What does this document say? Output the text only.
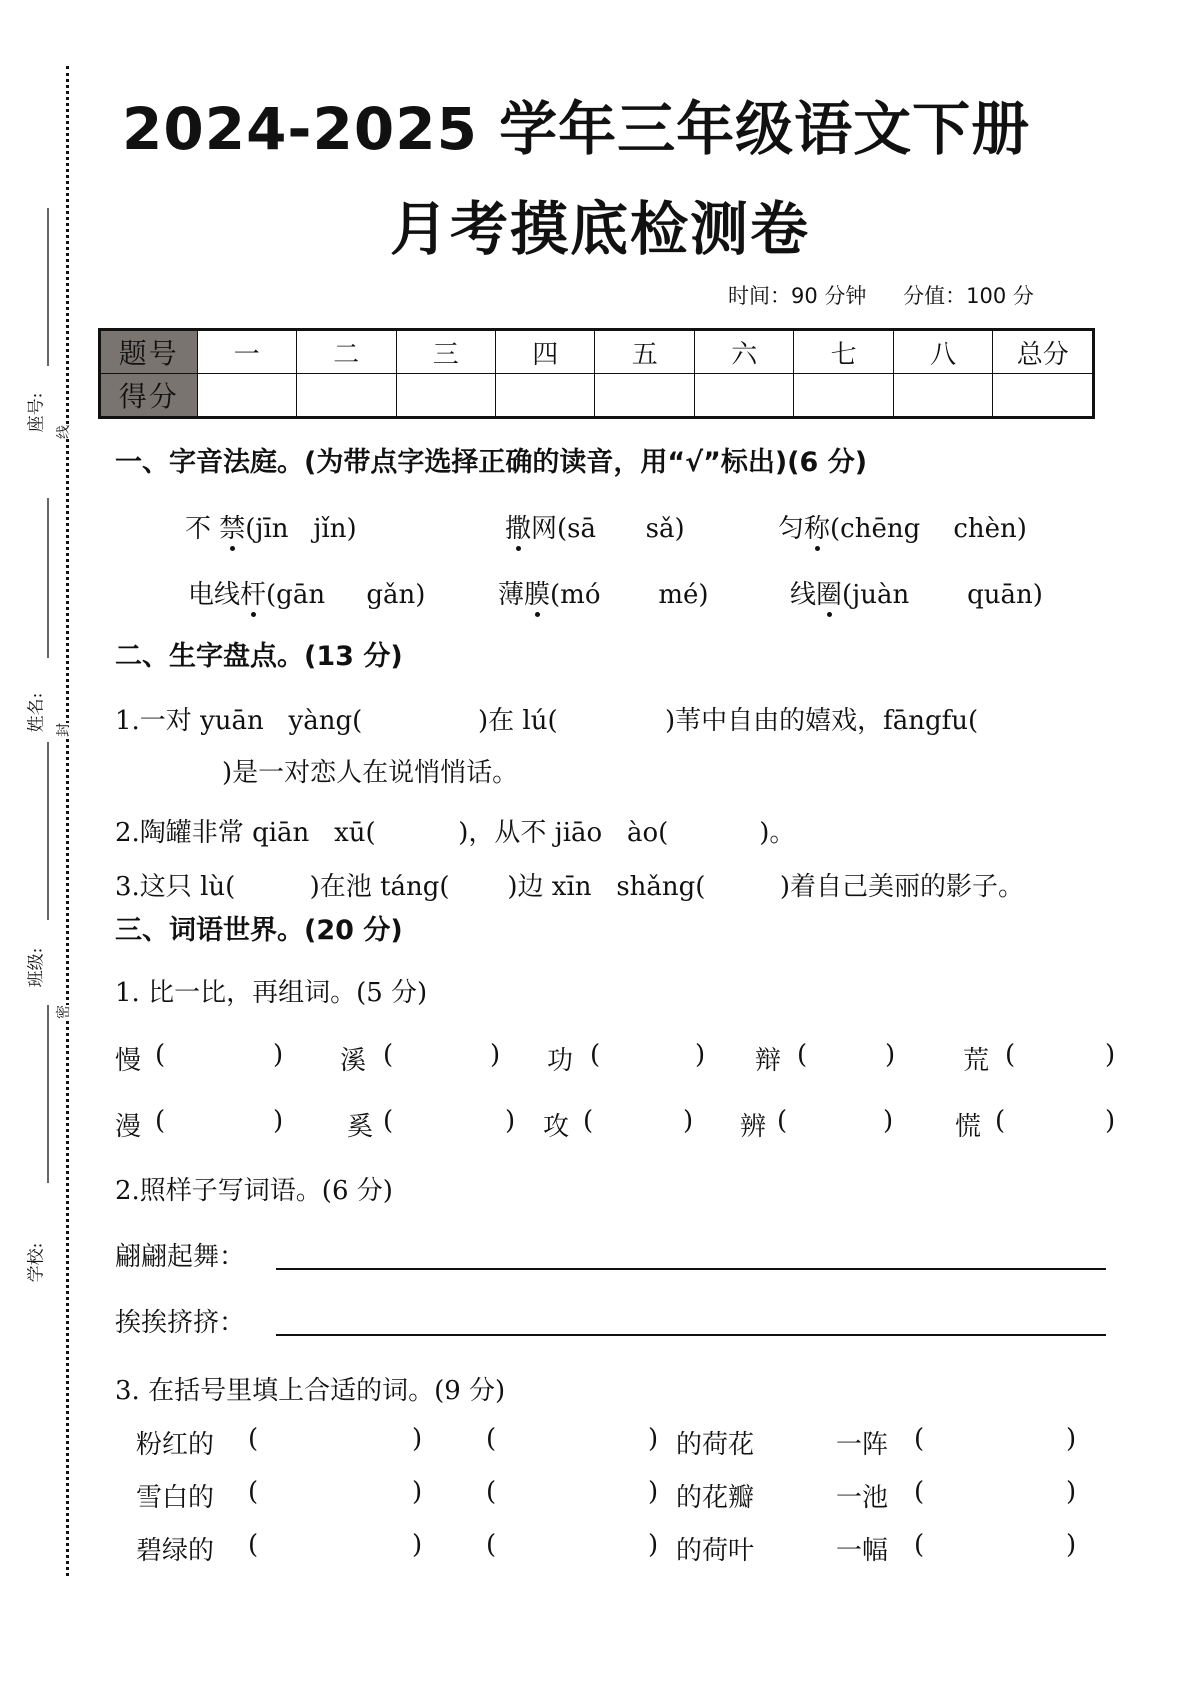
座号: 线
姓名: 封
班级:
密
学校:
2024-2025 学年三年级语文下册
月考摸底检测卷
时间：90 分钟 分值：100 分
题号	一	二	三	四	五	六	七	八	总分
得分									
一、字音法庭。(为带点字选择正确的读音，用“√”标出)(6 分)
不 禁(jīn   jǐn)	撒网(sā      sǎ)	匀称(chēng    chèn)
电线杆(gān     gǎn)	薄膜(mó       mé)	线圈(juàn       quān)
二、生字盘点。(13 分)
1.一对 yuān   yàng(              )在 lú(             )苇中自由的嬉戏，fāngfu(
)是一对恋人在说悄悄话。
2.陶罐非常 qiān   xū(          )，从不 jiāo   ào(           )。
3.这只 lù(         )在池 táng(       )边 xīn   shǎng(         )着自己美丽的影子。
三、词语世界。(20 分)
1. 比一比，再组词。(5 分)
慢 (	) 溪 (	) 功 (	) 辩 (	)	荒 (	)
漫 (	) 奚 (	) 攻 (	) 辨 (	) 慌 (	)
2.照样子写词语。(6 分)
翩翩起舞：
挨挨挤挤：
3. 在括号里填上合适的词。(9 分)
粉红的 (	) (	) 的荷花	一阵 (	)
雪白的 (	) (	) 的花瓣	一池 (	)
碧绿的 (	) (	) 的荷叶	一幅 (	)
